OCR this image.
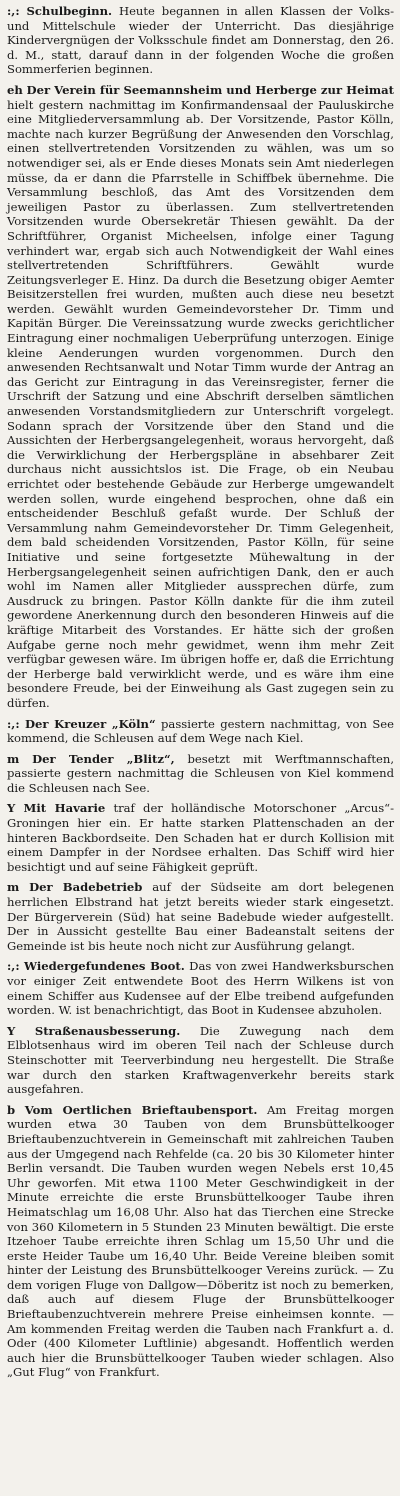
:,: Schulbeginn. Heute begannen in allen Klassen der Volks- und Mittelschule wieder der Unterricht. Das diesjährige Kindervergnügen der Volksschule findet am Donnerstag, den 26. d. M., statt, darauf dann in der folgenden Woche die großen Sommerferien beginnen.

eh Der Verein für Seemannsheim und Herberge zur Heimat hielt gestern nachmittag im Konfirmandensaal der Pauluskirche eine Mitgliederversammlung ab. Der Vorsitzende, Pastor Kölln, machte nach kurzer Begrüßung der Anwesenden den Vorschlag, einen stellvertretenden Vorsitzenden zu wählen, was um so notwendiger sei, als er Ende dieses Monats sein Amt niederlegen müsse, da er dann die Pfarrstelle in Schiffbek übernehme. Die Versammlung beschloß, das Amt des Vorsitzenden dem jeweiligen Pastor zu überlassen. Zum stellvertretenden Vorsitzenden wurde Obersekretär Thiesen gewählt. Da der Schriftführer, Organist Micheelsen, infolge einer Tagung verhindert war, ergab sich auch Notwendigkeit der Wahl eines stellvertretenden Schriftführers. Gewählt wurde Zeitungsverleger E. Hinz. Da durch die Besetzung obiger Aemter Beisitzerstellen frei wurden, mußten auch diese neu besetzt werden. Gewählt wurden Gemeindevorsteher Dr. Timm und Kapitän Bürger. Die Vereinssatzung wurde zwecks gerichtlicher Eintragung einer nochmaligen Ueberprüfung unterzogen. Einige kleine Aenderungen wurden vorgenommen. Durch den anwesenden Rechtsanwalt und Notar Timm wurde der Antrag an das Gericht zur Eintragung in das Vereinsregister, ferner die Urschrift der Satzung und eine Abschrift derselben sämtlichen anwesenden Vorstandsmitgliedern zur Unterschrift vorgelegt. Sodann sprach der Vorsitzende über den Stand und die Aussichten der Herbergsangelegenheit, woraus hervorgeht, daß die Verwirklichung der Herbergspläne in absehbarer Zeit durchaus nicht aussichtslos ist. Die Frage, ob ein Neubau errichtet oder bestehende Gebäude zur Herberge umgewandelt werden sollen, wurde eingehend besprochen, ohne daß ein entscheidender Beschluß gefaßt wurde. Der Schluß der Versammlung nahm Gemeindevorsteher Dr. Timm Gelegenheit, dem bald scheidenden Vorsitzenden, Pastor Kölln, für seine Initiative und seine fortgesetzte Mühewaltung in der Herbergsangelegenheit seinen aufrichtigen Dank, den er auch wohl im Namen aller Mitglieder aussprechen dürfe, zum Ausdruck zu bringen. Pastor Kölln dankte für die ihm zuteil gewordene Anerkennung durch den besonderen Hinweis auf die kräftige Mitarbeit des Vorstandes. Er hätte sich der großen Aufgabe gerne noch mehr gewidmet, wenn ihm mehr Zeit verfügbar gewesen wäre. Im übrigen hoffe er, daß die Errichtung der Herberge bald verwirklicht werde, und es wäre ihm eine besondere Freude, bei der Einweihung als Gast zugegen sein zu dürfen.

:,: Der Kreuzer „Köln“ passierte gestern nachmittag, von See kommend, die Schleusen auf dem Wege nach Kiel.

m Der Tender „Blitz“, besetzt mit Werftmannschaften, passierte gestern nachmittag die Schleusen von Kiel kommend die Schleusen nach See.

Y Mit Havarie traf der holländische Motorschoner „Arcus“-Groningen hier ein. Er hatte starken Plattenschaden an der hinteren Backbordseite. Den Schaden hat er durch Kollision mit einem Dampfer in der Nordsee erhalten. Das Schiff wird hier besichtigt und auf seine Fähigkeit geprüft.

m Der Badebetrieb auf der Südseite am dort belegenen herrlichen Elbstrand hat jetzt bereits wieder stark eingesetzt. Der Bürgerverein (Süd) hat seine Badebude wieder aufgestellt. Der in Aussicht gestellte Bau einer Badeanstalt seitens der Gemeinde ist bis heute noch nicht zur Ausführung gelangt.

:,: Wiedergefundenes Boot. Das von zwei Handwerksburschen vor einiger Zeit entwendete Boot des Herrn Wilkens ist von einem Schiffer aus Kudensee auf der Elbe treibend aufgefunden worden. W. ist benachrichtigt, das Boot in Kudensee abzuholen.

Y Straßenausbesserung. Die Zuwegung nach dem Elblotsenhaus wird im oberen Teil nach der Schleuse durch Steinschotter mit Teerverbindung neu hergestellt. Die Straße war durch den starken Kraftwagenverkehr bereits stark ausgefahren.

b Vom Oertlichen Brieftaubensport. Am Freitag morgen wurden etwa 30 Tauben von dem Brunsbüttelkooger Brieftaubenzuchtverein in Gemeinschaft mit zahlreichen Tauben aus der Umgegend nach Rehfelde (ca. 20 bis 30 Kilometer hinter Berlin versandt. Die Tauben wurden wegen Nebels erst 10,45 Uhr geworfen. Mit etwa 1100 Meter Geschwindigkeit in der Minute erreichte die erste Brunsbüttelkooger Taube ihren Heimatschlag um 16,08 Uhr. Also hat das Tierchen eine Strecke von 360 Kilometern in 5 Stunden 23 Minuten bewältigt. Die erste Itzehoer Taube erreichte ihren Schlag um 15,50 Uhr und die erste Heider Taube um 16,40 Uhr. Beide Vereine bleiben somit hinter der Leistung des Brunsbüttelkooger Vereins zurück. — Zu dem vorigen Fluge von Dallgow—Döberitz ist noch zu bemerken, daß auch auf diesem Fluge der Brunsbüttelkooger Brieftaubenzuchtverein mehrere Preise einheimsen konnte. — Am kommenden Freitag werden die Tauben nach Frankfurt a. d. Oder (400 Kilometer Luftlinie) abgesandt. Hoffentlich werden auch hier die Brunsbüttelkooger Tauben wieder schlagen. Also „Gut Flug“ von Frankfurt.
